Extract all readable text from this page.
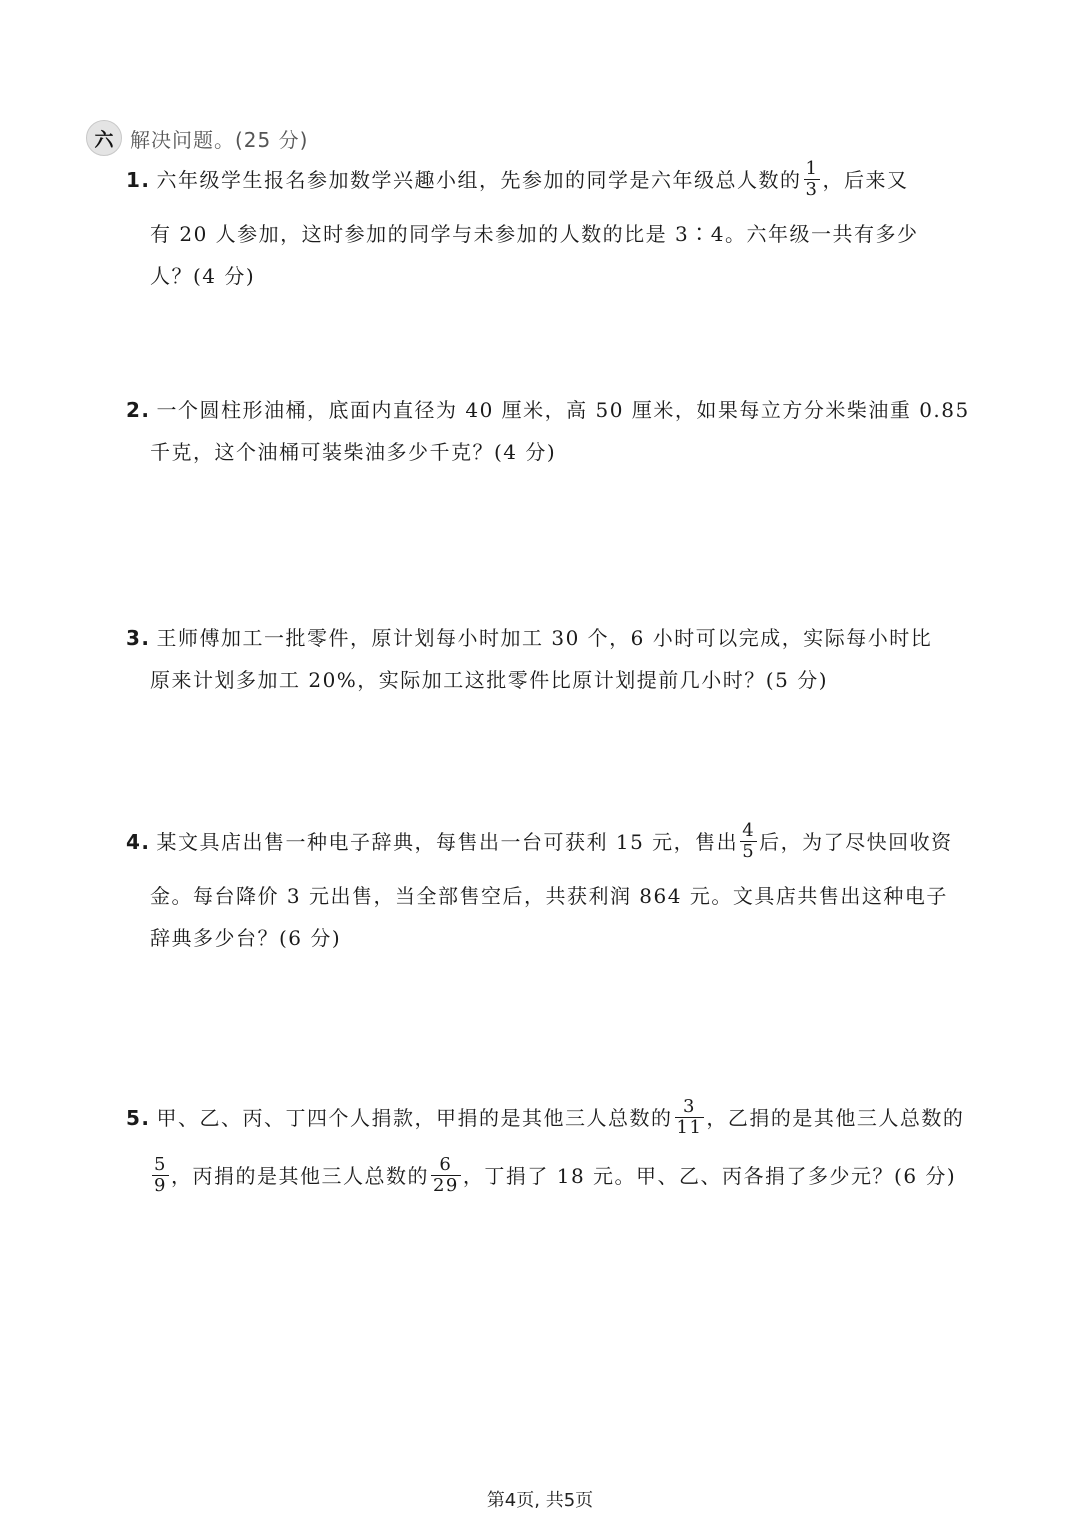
六 解决问题。(25 分)
1. 六年级学生报名参加数学兴趣小组，先参加的同学是六年级总人数的 $\frac{1}{3}$ ，后来又
有 20 人参加，这时参加的同学与未参加的人数的比是 3∶4。六年级一共有多少
人？(4 分)
2. 一个圆柱形油桶，底面内直径为 40 厘米，高 50 厘米，如果每立方分米柴油重 0.85
千克，这个油桶可装柴油多少千克？(4 分)
3. 王师傅加工一批零件，原计划每小时加工 30 个，6 小时可以完成，实际每小时比
原来计划多加工 20%，实际加工这批零件比原计划提前几小时？(5 分)
4. 某文具店出售一种电子辞典，每售出一台可获利 15 元，售出 $\frac{4}{5}$ 后，为了尽快回收资
金。每台降价 3 元出售，当全部售空后，共获利润 864 元。文具店共售出这种电子
辞典多少台？(6 分)
5. 甲、乙、丙、丁四个人捐款，甲捐的是其他三人总数的 $\frac{3}{11}$ ，乙捐的是其他三人总数的
$\frac{5}{9}$ ，丙捐的是其他三人总数的 $\frac{6}{29}$ ，丁捐了 18 元。甲、乙、丙各捐了多少元？(6 分)
第4页, 共5页
